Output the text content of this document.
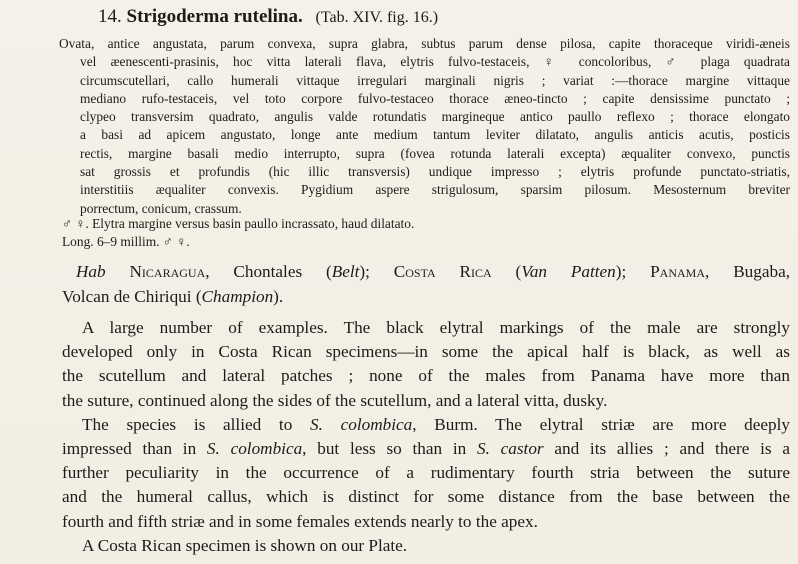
14. Strigoderma rutelina. (Tab. XIV. fig. 16.)
Ovata, antice angustata, parum convexa, supra glabra, subtus parum dense pilosa, capite thoraceque viridi-æneis
vel æenescenti-prasinis, hoc vitta laterali flava, elytris fulvo-testaceis, ♀ concoloribus, ♂ plaga quadrata
circumscutellari, callo humerali vittaque irregulari marginali nigris ; variat :—thorace margine vittaque
mediano rufo-testaceis, vel toto corpore fulvo-testaceo thorace æneo-tincto ; capite densissime punctato ;
clypeo transversim quadrato, angulis valde rotundatis margineque antico paullo reflexo ; thorace elongato
a basi ad apicem angustato, longe ante medium tantum leviter dilatato, angulis anticis acutis, posticis
rectis, margine basali medio interrupto, supra (fovea rotunda laterali excepta) æqualiter convexo, punctis
sat grossis et profundis (hic illic transversis) undique impresso ; elytris profunde punctato-striatis,
interstitiis æqualiter convexis. Pygidium aspere strigulosum, sparsim pilosum. Mesosternum breviter
porrectum, conicum, crassum.
♂ ♀. Elytra margine versus basin paullo incrassato, haud dilatato.
Long. 6–9 millim. ♂ ♀.
Hab Nicaragua, Chontales (Belt); Costa Rica (Van Patten); Panama, Bugaba,
Volcan de Chiriqui (Champion).
A large number of examples. The black elytral markings of the male are strongly
developed only in Costa Rican specimens—in some the apical half is black, as well as
the scutellum and lateral patches ; none of the males from Panama have more than
the suture, continued along the sides of the scutellum, and a lateral vitta, dusky.
The species is allied to S. colombica, Burm. The elytral striæ are more deeply
impressed than in S. colombica, but less so than in S. castor and its allies ; and there is a
further peculiarity in the occurrence of a rudimentary fourth stria between the suture
and the humeral callus, which is distinct for some distance from the base between the
fourth and fifth striæ and in some females extends nearly to the apex.
A Costa Rican specimen is shown on our Plate.
